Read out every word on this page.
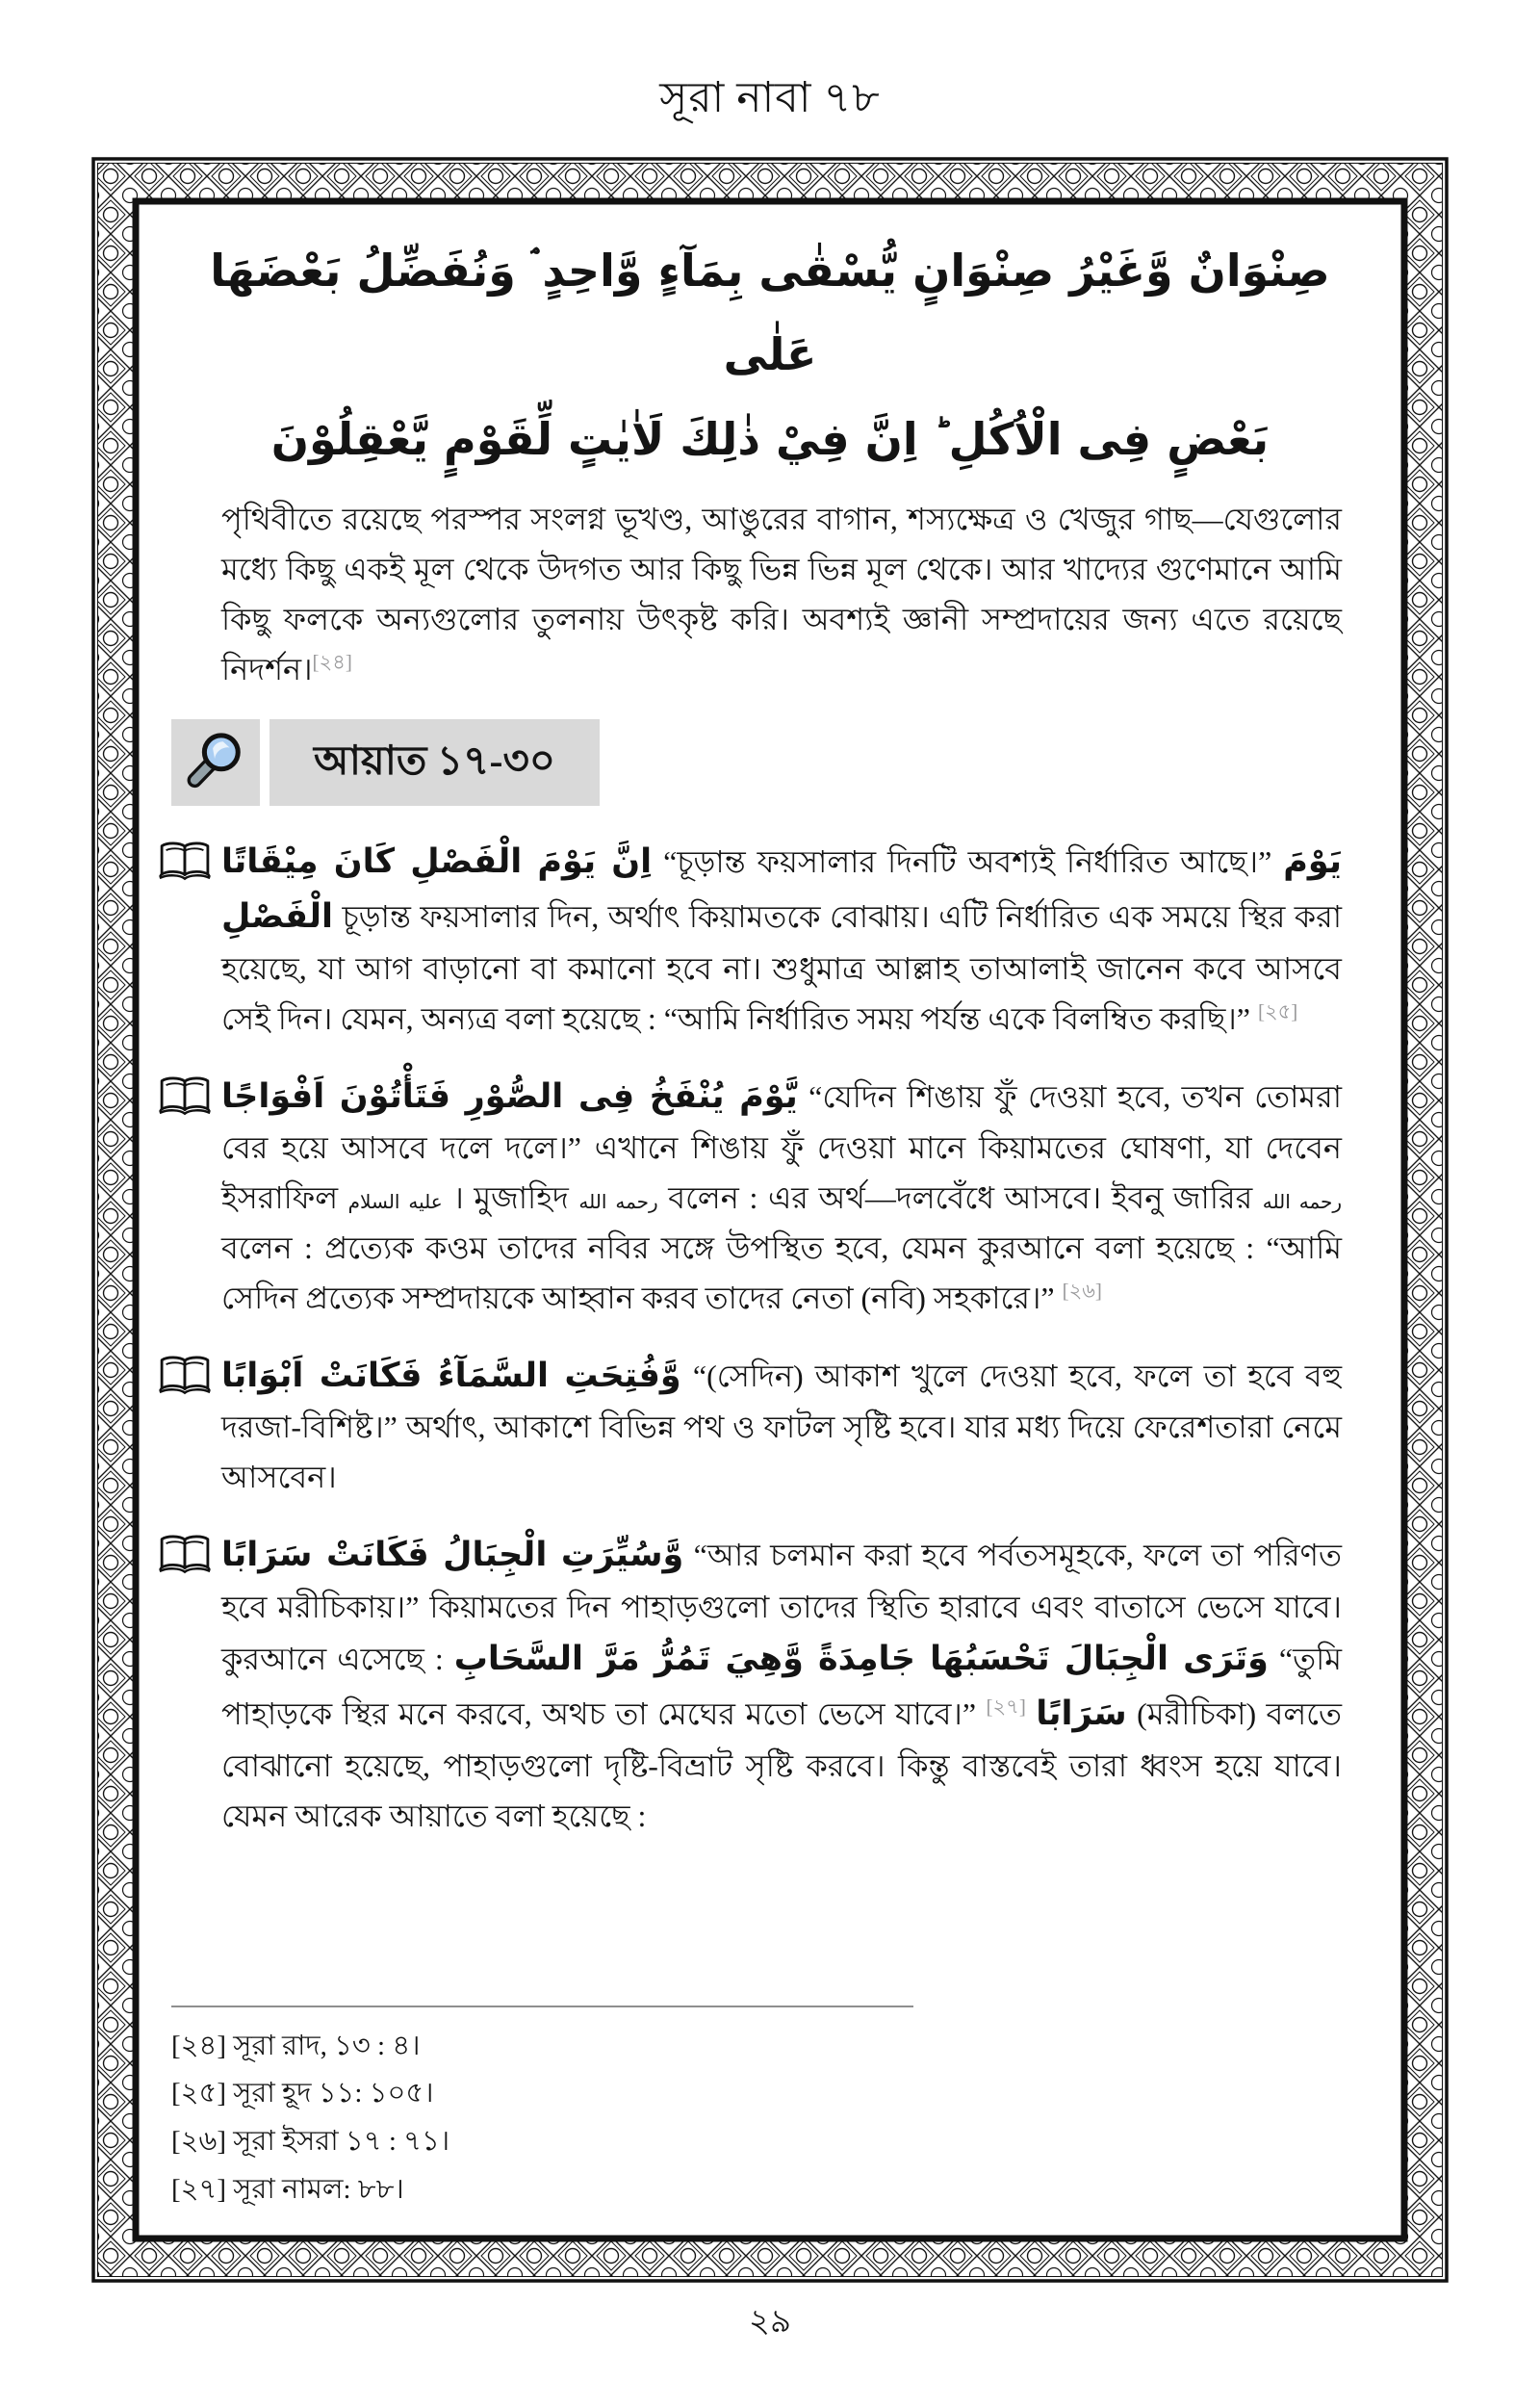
সূরা নাবা ৭৮
صِنْوَانٌ وَّغَيْرُ صِنْوَانٍ يُّسْقٰى بِمَآءٍ وَّاحِدٍ ۘ وَنُفَضِّلُ بَعْضَهَا عَلٰى
بَعْضٍ فِى الْاُكُلِ ؕ اِنَّ فِيْ ذٰلِكَ لَاٰيٰتٍ لِّقَوْمٍ يَّعْقِلُوْنَ
পৃথিবীতে রয়েছে পরস্পর সংলগ্ন ভূখণ্ড, আঙুরের বাগান, শস্যক্ষেত্র ও খেজুর গাছ—যেগুলোর মধ্যে কিছু একই মূল থেকে উদগত আর কিছু ভিন্ন ভিন্ন মূল থেকে। আর খাদ্যের গুণেমানে আমি কিছু ফলকে অন্যগুলোর তুলনায় উৎকৃষ্ট করি। অবশ্যই জ্ঞানী সম্প্রদায়ের জন্য এতে রয়েছে নিদর্শন।[২৪]
আয়াত ১৭-৩০
اِنَّ يَوْمَ الْفَصْلِ كَانَ مِيْقَاتًا “চূড়ান্ত ফয়সালার দিনটি অবশ্যই নির্ধারিত আছে।” يَوْمَ الْفَصْلِ চূড়ান্ত ফয়সালার দিন, অর্থাৎ কিয়ামতকে বোঝায়। এটি নির্ধারিত এক সময়ে স্থির করা হয়েছে, যা আগ বাড়ানো বা কমানো হবে না। শুধুমাত্র আল্লাহ তাআলাই জানেন কবে আসবে সেই দিন। যেমন, অন্যত্র বলা হয়েছে : “আমি নির্ধারিত সময় পর্যন্ত একে বিলম্বিত করছি।” [২৫]
يَّوْمَ يُنْفَخُ فِى الصُّوْرِ فَتَأْتُوْنَ اَفْوَاجًا “যেদিন শিঙায় ফুঁ দেওয়া হবে, তখন তোমরা বের হয়ে আসবে দলে দলে।” এখানে শিঙায় ফুঁ দেওয়া মানে কিয়ামতের ঘোষণা, যা দেবেন ইসরাফিল عليه السلام । মুজাহিদ رحمه الله বলেন : এর অর্থ—দলবেঁধে আসবে। ইবনু জারির رحمه الله বলেন : প্রত্যেক কওম তাদের নবির সঙ্গে উপস্থিত হবে, যেমন কুরআনে বলা হয়েছে : “আমি সেদিন প্রত্যেক সম্প্রদায়কে আহ্বান করব তাদের নেতা (নবি) সহকারে।” [২৬]
وَّفُتِحَتِ السَّمَآءُ فَكَانَتْ اَبْوَابًا “(সেদিন) আকাশ খুলে দেওয়া হবে, ফলে তা হবে বহু দরজা-বিশিষ্ট।” অর্থাৎ, আকাশে বিভিন্ন পথ ও ফাটল সৃষ্টি হবে। যার মধ্য দিয়ে ফেরেশতারা নেমে আসবেন।
وَّسُيِّرَتِ الْجِبَالُ فَكَانَتْ سَرَابًا “আর চলমান করা হবে পর্বতসমূহকে, ফলে তা পরিণত হবে মরীচিকায়।” কিয়ামতের দিন পাহাড়গুলো তাদের স্থিতি হারাবে এবং বাতাসে ভেসে যাবে। কুরআনে এসেছে : وَتَرَى الْجِبَالَ تَحْسَبُهَا جَامِدَةً وَّهِيَ تَمُرُّ مَرَّ السَّحَابِ “তুমি পাহাড়কে স্থির মনে করবে, অথচ তা মেঘের মতো ভেসে যাবে।” [২৭] سَرَابًا (মরীচিকা) বলতে বোঝানো হয়েছে, পাহাড়গুলো দৃষ্টি-বিভ্রাট সৃষ্টি করবে। কিন্তু বাস্তবেই তারা ধ্বংস হয়ে যাবে। যেমন আরেক আয়াতে বলা হয়েছে :
[২৪] সূরা রাদ, ১৩ : ৪।
[২৫] সূরা হূদ ১১: ১০৫।
[২৬] সূরা ইসরা ১৭ : ৭১।
[২৭] সূরা নামল: ৮৮।
২৯
